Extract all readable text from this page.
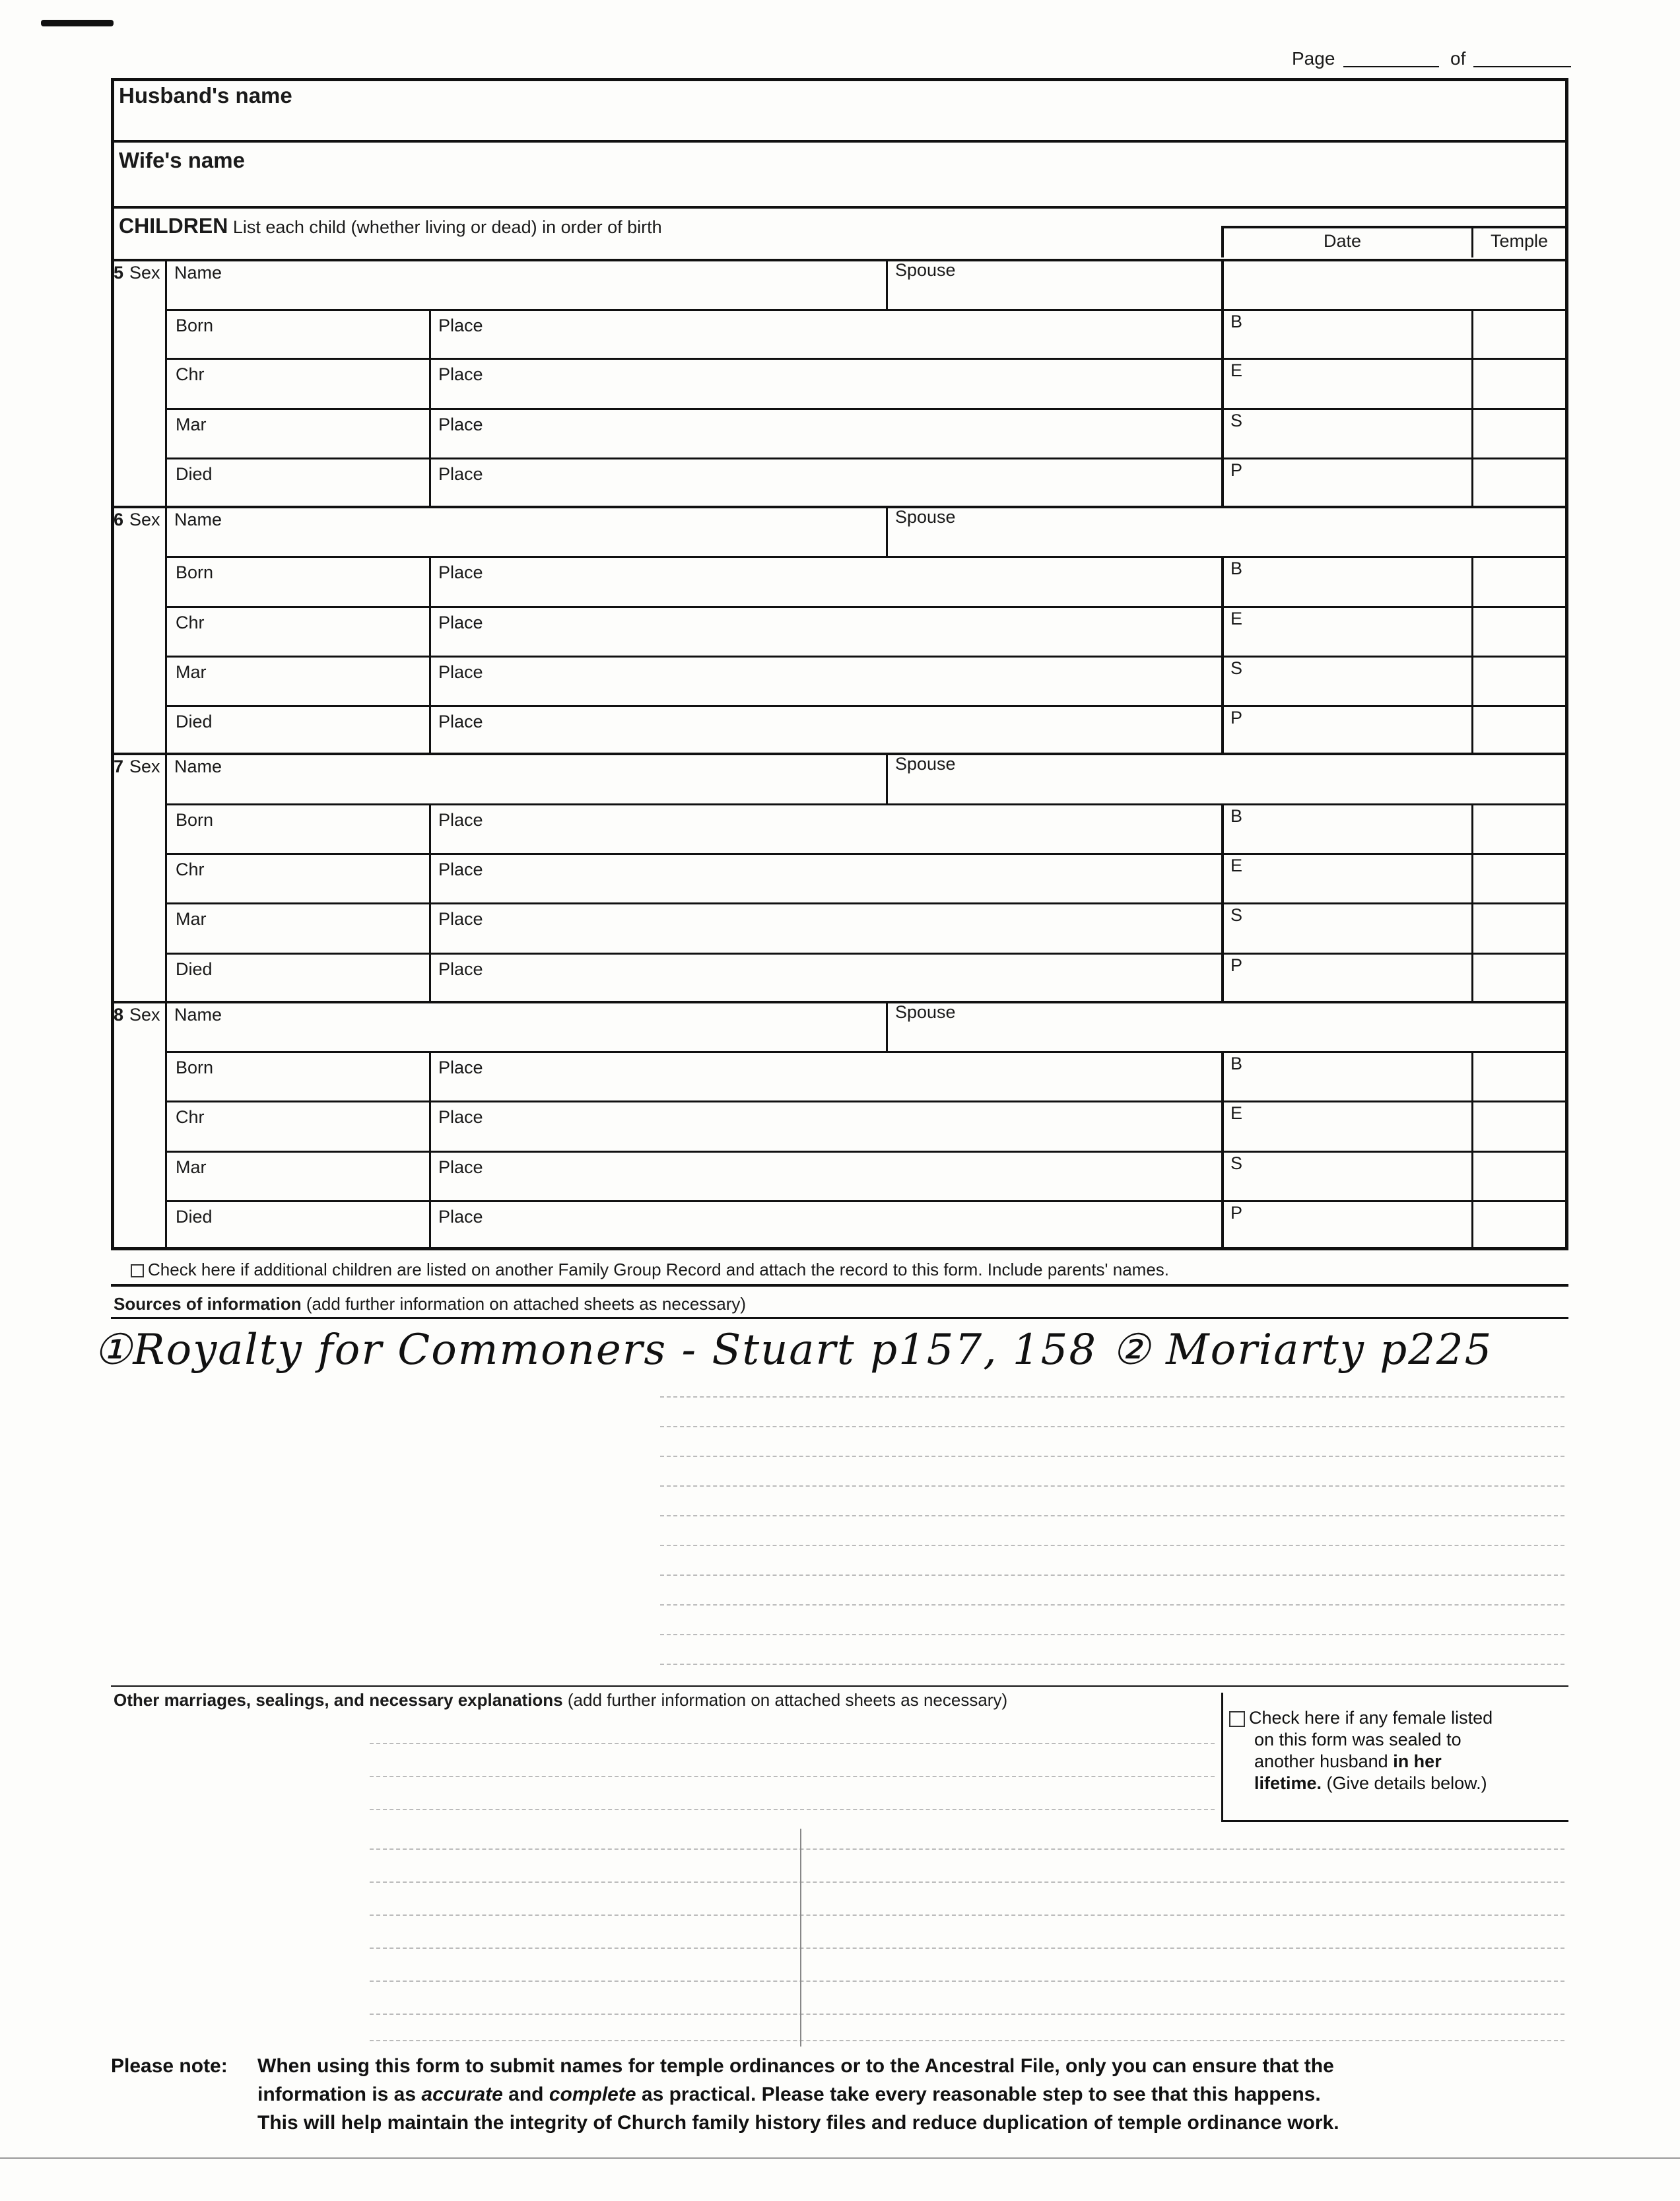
Page	of
Husband's name
Wife's name
CHILDREN List each child (whether living or dead) in order of birth
Date	Temple
5 Sex Name	Spouse
Born	Place	B
Chr	Place	E
Mar	Place	S
Died	Place	P
6 Sex Name	Spouse
Born	Place	B
Chr	Place	E
Mar	Place	S
Died	Place	P
7 Sex Name	Spouse
Born	Place	B
Chr	Place	E
Mar	Place	S
Died	Place	P
8 Sex Name	Spouse
Born	Place	B
Chr	Place	E
Mar	Place	S
Died	Place	P
Check here if additional children are listed on another Family Group Record and attach the record to this form. Include parents' names.
Sources of information (add further information on attached sheets as necessary)
①Royalty for Commoners - Stuart p157, 158 ② Moriarty p225
Other marriages, sealings, and necessary explanations (add further information on attached sheets as necessary)
Check here if any female listed
on this form was sealed to
another husband in her
lifetime. (Give details below.)
Please note: When using this form to submit names for temple ordinances or to the Ancestral File, only you can ensure that the
information is as accurate and complete as practical. Please take every reasonable step to see that this happens.
This will help maintain the integrity of Church family history files and reduce duplication of temple ordinance work.
